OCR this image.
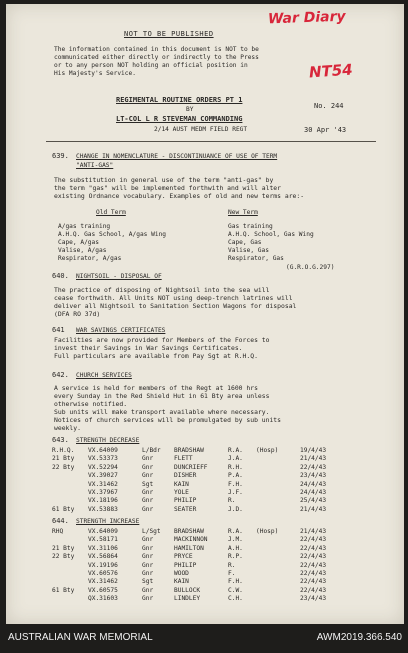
War Diary
NT54
NOT TO BE PUBLISHED
The information contained in this document is NOT to be
communicated either directly or indirectly to the Press
or to any person NOT holding an official position in
His Majesty's Service.
REGIMENTAL ROUTINE ORDERS PT 1
BY
LT-COL L R STEVEMAN COMMANDING
2/14 AUST MEDM FIELD REGT
No. 244
30 Apr '43
639. CHANGE IN NOMENCLATURE - DISCONTINUANCE OF USE OF TERM
"ANTI-GAS"
The substitution in general use of the term "anti-gas" by
the term "gas" will be implemented forthwith and will alter
existing Ordnance vocabulary. Examples of old and new terms are:-
Old Term	New Term
A/gas training	Gas training
A.H.Q. Gas School, A/gas Wing	A.H.Q. School, Gas Wing
Cape, A/gas	Cape, Gas
Valise, A/gas	Valise, Gas
Respirator, A/gas	Respirator, Gas
(G.R.O.G.297)
640. NIGHTSOIL - DISPOSAL OF
The practice of disposing of Nightsoil into the sea will
cease forthwith. All Units NOT using deep-trench latrines will
deliver all Nightsoil to Sanitation Section Wagons for disposal
(DFA RO 37d)
641 WAR SAVINGS CERTIFICATES
Facilities are now provided for Members of the Forces to
invest their Savings in War Savings Certificates.
Full particulars are available from Pay Sgt at R.H.Q.
642. CHURCH SERVICES
A service is held for members of the Regt at 1600 hrs
every Sunday in the Red Shield Hut in 61 Bty area unless
otherwise notified.
Sub units will make transport available where necessary.
Notices of church services will be promulgated by sub units
weekly.
643. STRENGTH DECREASE
R.H.Q. VX.64009	L/Bdr BRADSHAW	R.A. (Hosp)	19/4/43
21 Bty VX.53373	Gnr	FLETT	J.A.	21/4/43
22 Bty VX.52294	Gnr	DUNCRIEFF	R.H.	22/4/43
VX.39027	Gnr	DISHER	P.A.	23/4/43
VX.31462	Sgt	KAIN	F.H.	24/4/43
VX.37967	Gnr	YOLE	J.F.	24/4/43
VX.18196	Gnr	PHILIP	R.	25/4/43
61 Bty VX.53883	Gnr	SEATER	J.D.	21/4/43
644. STRENGTH INCREASE
RHQ	VX.64009	L/Sgt BRADSHAW	R.A. (Hosp)	21/4/43
VX.58171	Gnr	MACKINNON	J.M.	22/4/43
21 Bty VX.31106	Gnr	HAMILTON	A.H.	22/4/43
22 Bty VX.56864	Gnr	PRYCE	R.P.	22/4/43
VX.19196	Gnr	PHILIP	R.	22/4/43
VX.60576	Gnr	WOOD	F.	22/4/43
VX.31462	Sgt	KAIN	F.H.	22/4/43
61 Bty VX.60575	Gnr	BULLOCK	C.W.	22/4/43
QX.31603	Gnr	LINDLEY	C.H.	23/4/43
AUSTRALIAN WAR MEMORIAL	AWM2019.366.540
